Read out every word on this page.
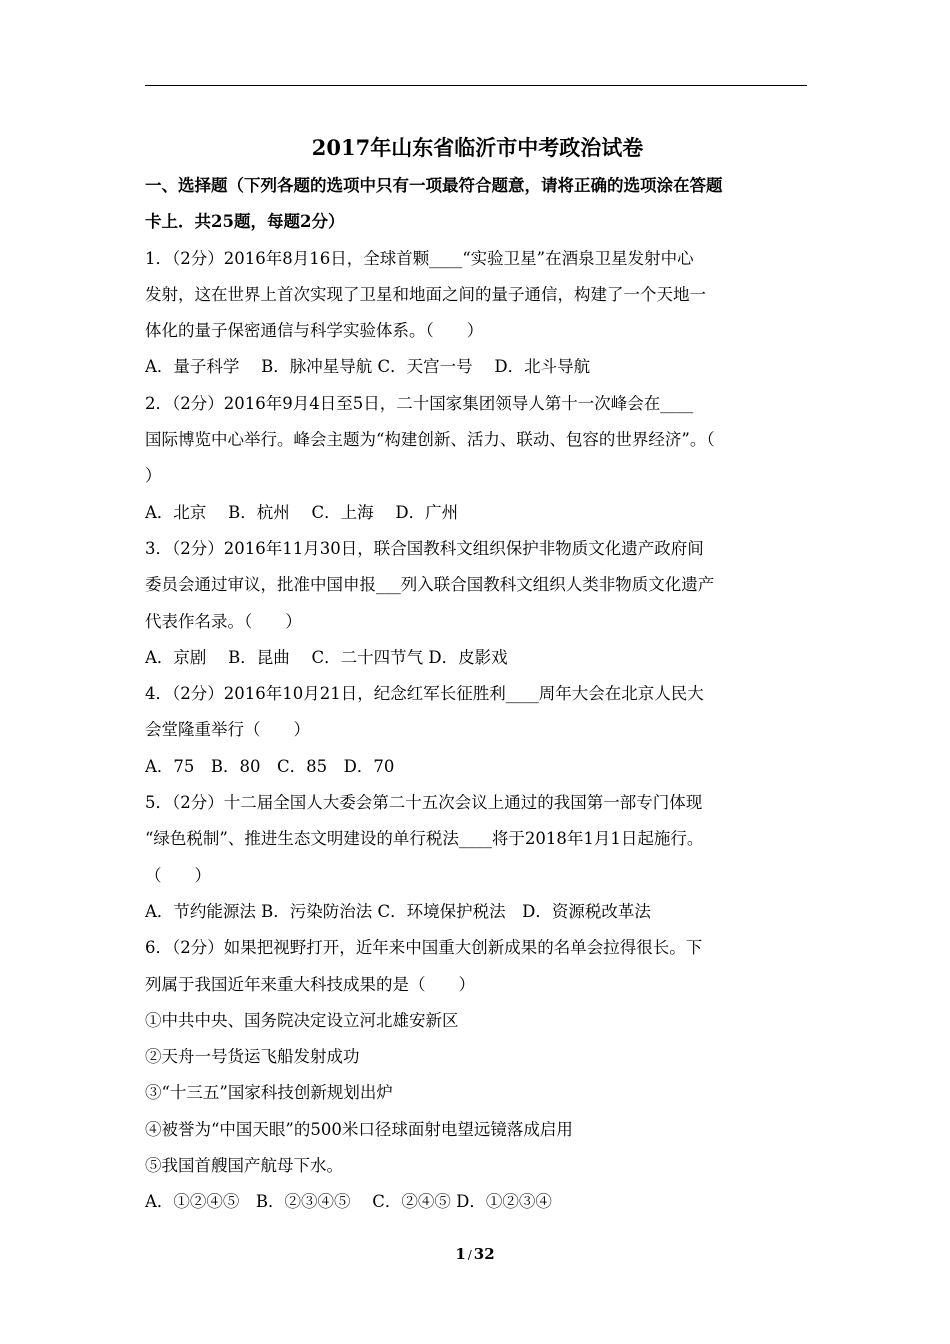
2017年山东省临沂市中考政治试卷
一、选择题（下列各题的选项中只有一项最符合题意，请将正确的选项涂在答题
卡上．共25题，每题2分）
1．（2分）2016年8月16日，全球首颗____“实验卫星”在酒泉卫星发射中心
发射，这在世界上首次实现了卫星和地面之间的量子通信，构建了一个天地一
体化的量子保密通信与科学实验体系。（　　）
A．量子科学　 B．脉冲星导航 C．天宫一号　 D．北斗导航
2．（2分）2016年9月4日至5日，二十国家集团领导人第十一次峰会在____
国际博览中心举行。峰会主题为“构建创新、活力、联动、包容的世界经济”。（
）
A．北京　 B．杭州　 C．上海　 D．广州
3．（2分）2016年11月30日，联合国教科文组织保护非物质文化遗产政府间
委员会通过审议，批准中国申报___列入联合国教科文组织人类非物质文化遗产
代表作名录。（　　）
A．京剧　 B．昆曲　 C．二十四节气 D．皮影戏
4．（2分）2016年10月21日，纪念红军长征胜利____周年大会在北京人民大
会堂隆重举行（　　）
A．75　B．80　C．85　D．70
5．（2分）十二届全国人大委会第二十五次会议上通过的我国第一部专门体现
“绿色税制”、推进生态文明建设的单行税法____将于2018年1月1日起施行。
（　　）
A．节约能源法 B．污染防治法 C．环境保护税法　D．资源税改革法
6．（2分）如果把视野打开，近年来中国重大创新成果的名单会拉得很长。下
列属于我国近年来重大科技成果的是（　　）
①中共中央、国务院决定设立河北雄安新区
②天舟一号货运飞船发射成功
③“十三五”国家科技创新规划出炉
④被誉为“中国天眼”的500米口径球面射电望远镜落成启用
⑤我国首艘国产航母下水。
A．①②④⑤　B．②③④⑤　 C．②④⑤ D．①②③④
1 / 32
